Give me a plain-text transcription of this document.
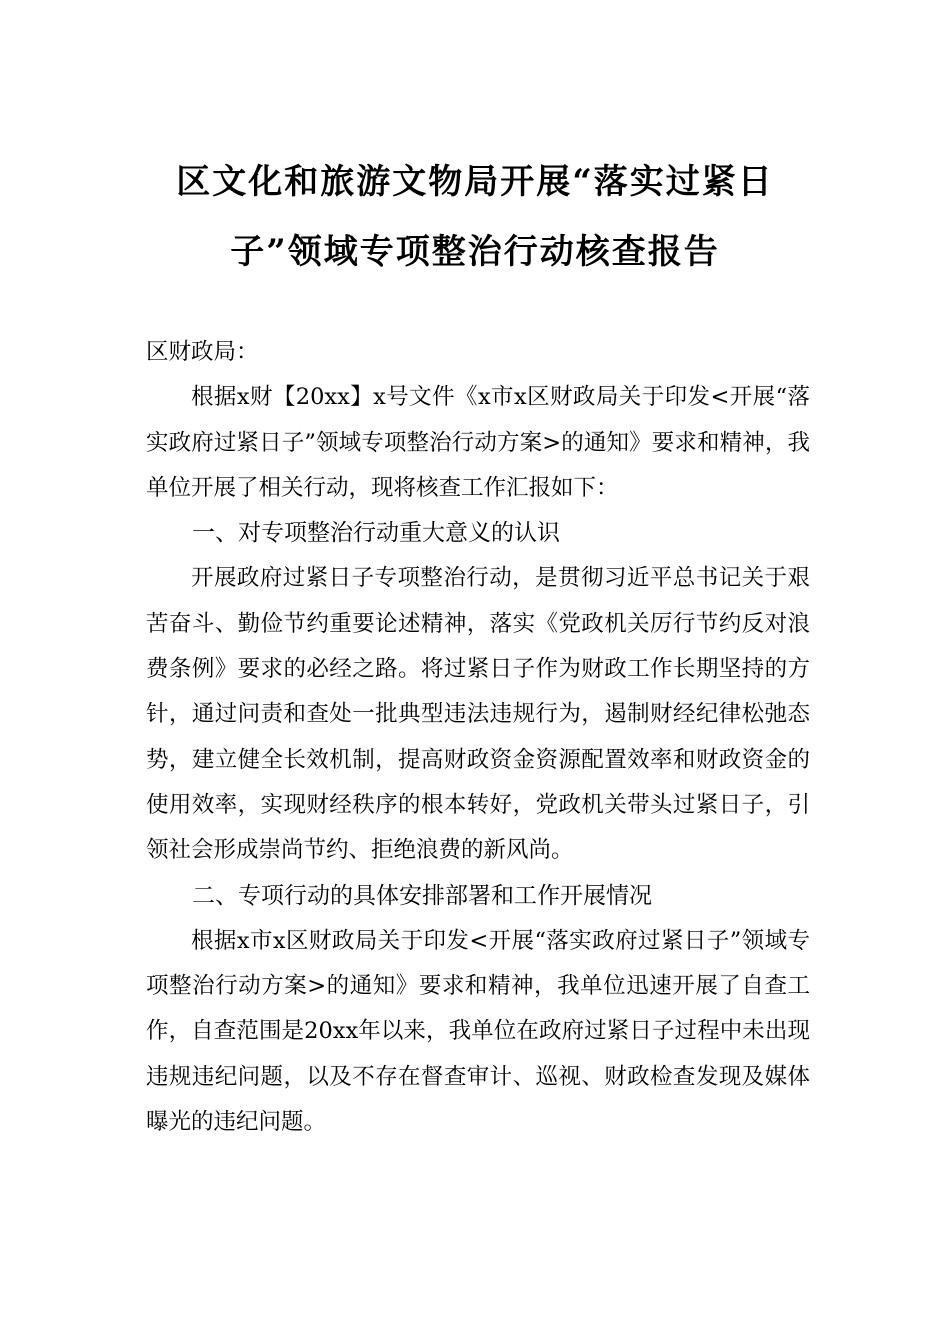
区文化和旅游文物局开展“落实过紧日
子”领域专项整治行动核查报告

区财政局：

根据x财【20xx】x号文件《x市x区财政局关于印发<开展“落实政府过紧日子”领域专项整治行动方案>的通知》要求和精神，我单位开展了相关行动，现将核查工作汇报如下：

一、对专项整治行动重大意义的认识

开展政府过紧日子专项整治行动，是贯彻习近平总书记关于艰苦奋斗、勤俭节约重要论述精神，落实《党政机关厉行节约反对浪费条例》要求的必经之路。将过紧日子作为财政工作长期坚持的方针，通过问责和查处一批典型违法违规行为，遏制财经纪律松弛态势，建立健全长效机制，提高财政资金资源配置效率和财政资金的使用效率，实现财经秩序的根本转好，党政机关带头过紧日子，引领社会形成崇尚节约、拒绝浪费的新风尚。

二、专项行动的具体安排部署和工作开展情况

根据x市x区财政局关于印发<开展“落实政府过紧日子”领域专项整治行动方案>的通知》要求和精神，我单位迅速开展了自查工作，自查范围是20xx年以来，我单位在政府过紧日子过程中未出现违规违纪问题，以及不存在督查审计、巡视、财政检查发现及媒体曝光的违纪问题。
